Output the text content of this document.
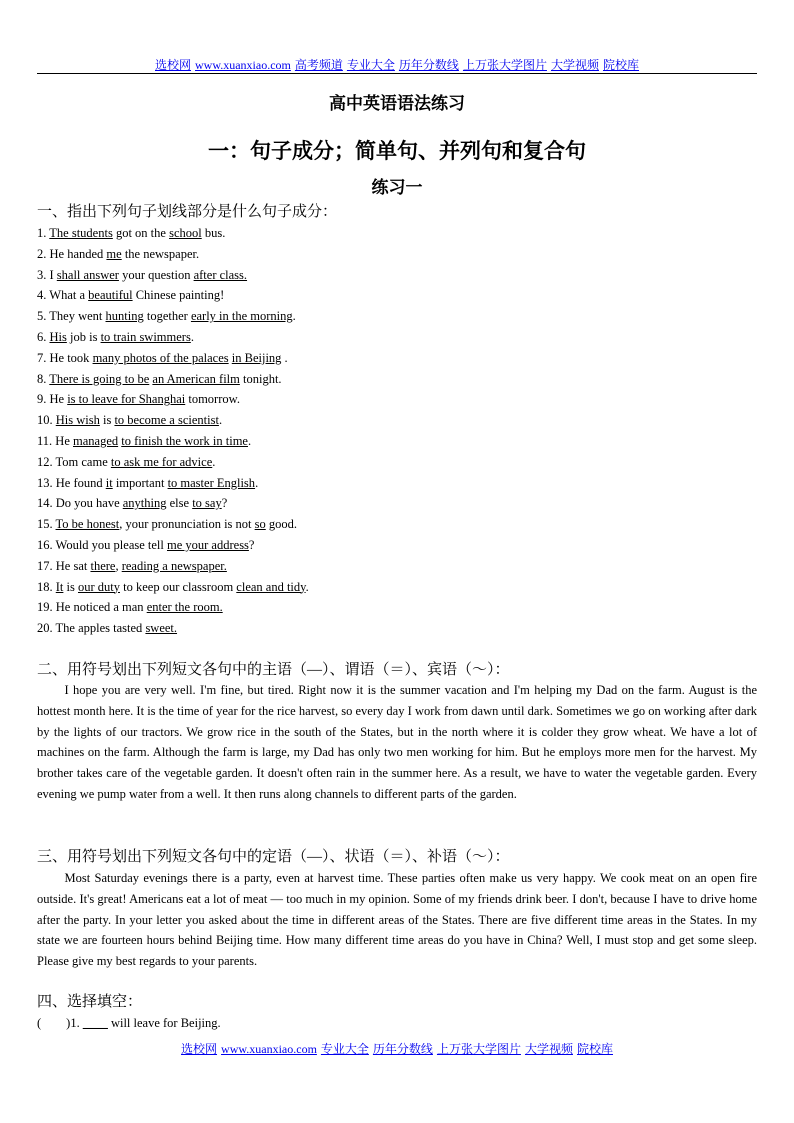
选校网 www.xuanxiao.com 高考频道 专业大全 历年分数线 上万张大学图片 大学视频 院校库
高中英语语法练习
一：句子成分；简单句、并列句和复合句
练习一
一、指出下列句子划线部分是什么句子成分：
1. The students got on the school bus.
2. He handed me the newspaper.
3. I shall answer your question after class.
4. What a beautiful Chinese painting!
5. They went hunting together early in the morning.
6. His job is to train swimmers.
7. He took many photos of the palaces in Beijing .
8. There is going to be an American film tonight.
9. He is to leave for Shanghai tomorrow.
10. His wish is to become a scientist.
11. He managed to finish the work in time.
12. Tom came to ask me for advice.
13. He found it important to master English.
14. Do you have anything else to say?
15. To be honest, your pronunciation is not so good.
16. Would you please tell me your address?
17. He sat there, reading a newspaper.
18. It is our duty to keep our classroom clean and tidy.
19. He noticed a man enter the room.
20. The apples tasted sweet.
二、用符号划出下列短文各句中的主语（—）、谓语（＝）、宾语（～）：

I hope you are very well. I'm fine, but tired. Right now it is the summer vacation and I'm helping my Dad on the farm. August is the hottest month here. It is the time of year for the rice harvest, so every day I work from dawn until dark. Sometimes we go on working after dark by the lights of our tractors. We grow rice in the south of the States, but in the north where it is colder they grow wheat. We have a lot of machines on the farm. Although the farm is large, my Dad has only two men working for him. But he employs more men for the harvest. My brother takes care of the vegetable garden. It doesn't often rain in the summer here. As a result, we have to water the vegetable garden. Every evening we pump water from a well. It then runs along channels to different parts of the garden.

三、用符号划出下列短文各句中的定语（—）、状语（＝）、补语（～）：

Most Saturday evenings there is a party, even at harvest time. These parties often make us very happy. We cook meat on an open fire outside. It's great! Americans eat a lot of meat — too much in my opinion. Some of my friends drink beer. I don't, because I have to drive home after the party. In your letter you asked about the time in different areas of the States. There are five different time areas in the States. In my state we are fourteen hours behind Beijing time. How many different time areas do you have in China? Well, I must stop and get some sleep. Please give my best regards to your parents.

四、选择填空：
(        )1. ____ will leave for Beijing.
选校网 www.xuanxiao.com 专业大全 历年分数线 上万张大学图片 大学视频 院校库
